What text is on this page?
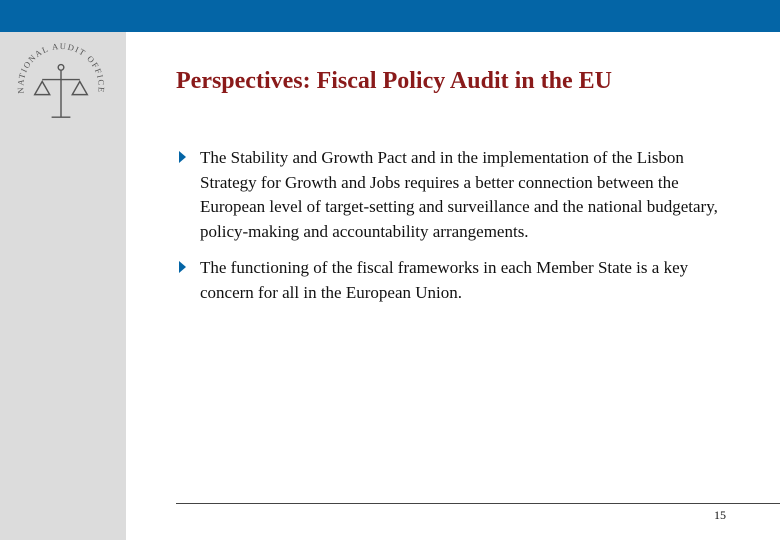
NATIONAL AUDIT OFFICE	Perspectives: Fiscal Policy Audit in the EU
The Stability and Growth Pact and in the implementation of the Lisbon Strategy for Growth and Jobs requires a better connection between the European level of target-setting and surveillance and the national budgetary, policy-making and accountability arrangements.
The functioning of the fiscal frameworks in each Member State is a key concern for all in the European Union.
15
